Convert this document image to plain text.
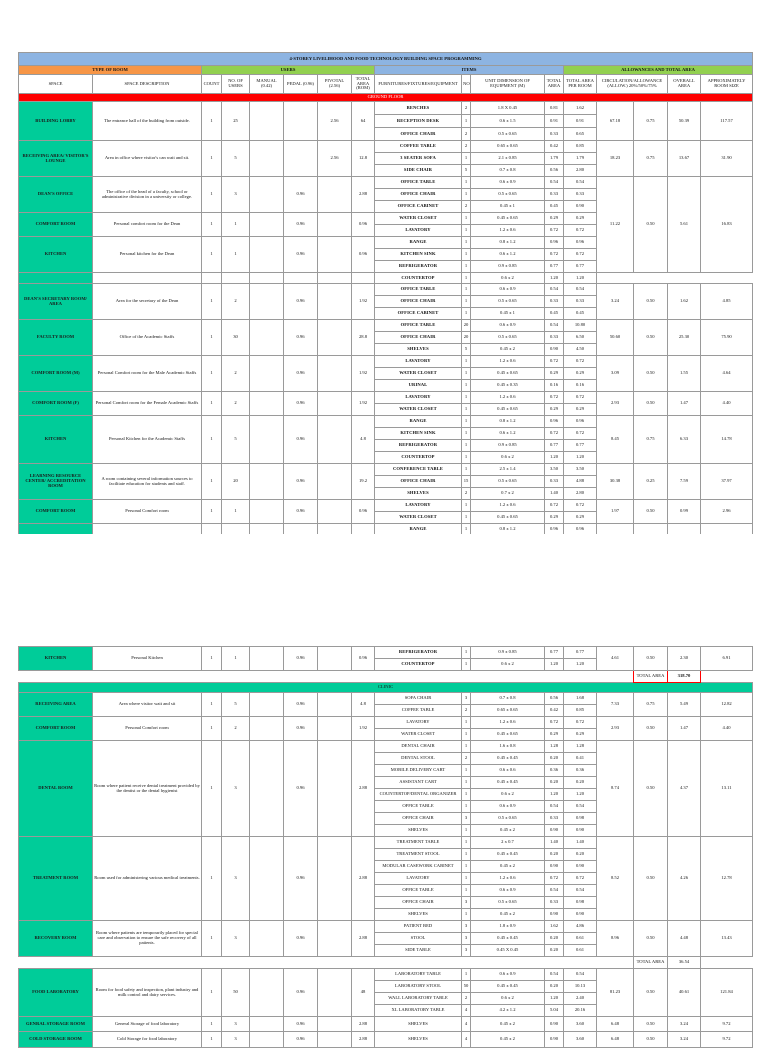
4-STOREY LIVELIHOOD AND FOOD TECHNOLOGY BUILDING SPACE PROGRAMMING																	
TYPE OF ROOM		USERS						ITEMS				ALLOWANCES AND TOTAL AREA					
SPACE	SPACE DESCRIPTION	COUNT	NO. OF USERS	MANUAL (0.42)	PEDAL (0.96)	PIVOTAL (2.56)	TOTAL AREA (ROM)	FURNITURES/FIXTURES/EQUIPMENT	NO	UNIT DIMENSION OF EQUIPMENT (M)	TOTAL AREA	TOTAL AREA PER ROOM	CIRCULATION/ALLOWANCE (ALLOW.) 20%/50%/75%		OVERALL AREA	APPROXIMATELY ROOM SIZE	
GROUND FLOOR																	
BUILDING LOBBY	The entrance hall of the building from outside.	1	25			2.56	64	BENCHES	2	1.8 X 0.45	0.81	1.62	67.18	0.75	50.39	117.57	
								RECEPTION DESK	1	0.6 x 1.5	0.91	0.91					
								OFFICE CHAIR	2	0.5 x 0.65	0.33	0.65					
RECEIVING AREA/ VISITOR'S LOUNGE	Area in office where visitor's can wait and sit.	1	5			2.56	12.8	COFFEE TABLE	2	0.65 x 0.65	0.42	0.85	18.23	0.75	13.67	31.90	
								3 SEATER SOFA	1	2.1 x 0.85	1.79	1.79					
								SIDE CHAIR	5	0.7 x 0.8	0.56	2.80					
DEAN'S OFFICE	The office of the head of a faculty, school or administrative division in a university or college.	1	3		0.96		2.88	OFFICE TABLE	1	0.6 x 0.9	0.54	0.54	11.22	0.50	5.61	16.83	
								OFFICE CHAIR	1	0.5 x 0.65	0.33	0.33					
								OFFICE CABINET	2	0.45 x 1	0.45	0.90					
COMFORT ROOM	Personal comfort room for the Dean	1	1		0.96		0.96	WATER CLOSET	1	0.45 x 0.65	0.29	0.29					
								LAVATORY	1	1.2 x 0.6	0.72	0.72					
KITCHEN	Personal kitchen for the Dean	1	1		0.96		0.96	RANGE	1	0.8 x 1.2	0.96	0.96					
								KITCHEN SINK	1	0.6 x 1.2	0.72	0.72					
								REFRIGERATOR	1	0.9 x 0.85	0.77	0.77					
								COUNTERTOP	1	0.6 x 2	1.20	1.20					
DEAN'S SECRETARY ROOM/ AREA	Area for the secretary of the Dean	1	2		0.96		1.92	OFFICE TABLE	1	0.6 x 0.9	0.54	0.54	3.24	0.50	1.62	4.85	
								OFFICE CHAIR	1	0.5 x 0.65	0.33	0.33					
								OFFICE CABINET	1	0.45 x 1	0.45	0.45					
FACULTY ROOM	Office of the Academic Staffs	1	30		0.96		28.8	OFFICE TABLE	20	0.6 x 0.9	0.54	10.80	50.60	0.50	25.30	75.90	
								OFFICE CHAIR	20	0.5 x 0.65	0.33	6.50					
								SHELVES	5	0.45 x 2	0.90	4.50					
COMFORT ROOM (M)	Personal Comfort room for the Male Academic Staffs	1	2		0.96		1.92	LAVATORY	1	1.2 x 0.6	0.72	0.72	3.09	0.50	1.55	4.64	
								WATER CLOSET	1	0.45 x 0.65	0.29	0.29					
								URINAL	1	0.45 x 0.35	0.16	0.16					
COMFORT ROOM (F)	Personal Comfort room for the Female Academic Staffs	1	2		0.96		1.92	LAVATORY	1	1.2 x 0.6	0.72	0.72	2.93	0.50	1.47	4.40	
								WATER CLOSET	1	0.45 x 0.65	0.29	0.29					
KITCHEN	Personal Kitchen for the Academic Staffs	1	5		0.96		4.8	RANGE	1	0.8 x 1.2	0.96	0.96	8.45	0.75	6.33	14.78	
								KITCHEN SINK	1	0.6 x 1.2	0.72	0.72					
								REFRIGERATOR	1	0.9 x 0.85	0.77	0.77					
								COUNTERTOP	1	0.6 x 2	1.20	1.20					
LEARNING RESOURCE CENTER/ ACCREDITATION ROOM	A room containing several information sources to facilitate education for students and staff.	1	20		0.96		19.2	CONFERENCE TABLE	1	2.5 x 1.4	3.50	3.50	30.38	0.25	7.59	37.97	
								OFFICE CHAIR	15	0.5 x 0.65	0.33	4.88					
								SHELVES	2	0.7 x 2	1.40	2.80					
COMFORT ROOM	Personal Comfort room	1	1		0.96		0.96	LAVATORY	1	1.2 x 0.6	0.72	0.72	1.97	0.50	0.99	2.96	
								WATER CLOSET	1	0.45 x 0.65	0.29	0.29					
								RANGE	1	0.8 x 1.2	0.96	0.96					

KITCHEN	Personal Kitchen	1	1		0.96		0.96	REFRIGERATOR	1	0.9 x 0.85	0.77	0.77	4.61	0.50	2.30	6.91	
								COUNTERTOP	1	0.6 x 2	1.20	1.20					
														TOTAL AREA	318.70		
CLINIC																	
RECEIVING AREA	Area where visitor wait and sit	1	5		0.96		4.8	SOFA CHAIR	3	0.7 x 0.8	0.56	1.68	7.33	0.75	5.49	12.82	
								COFFEE TABLE	2	0.65 x 0.65	0.42	0.85					
COMFORT ROOM	Personal Comfort room	1	2		0.96		1.92	LAVATORY	1	1.2 x 0.6	0.72	0.72	2.93	0.50	1.47	4.40	
								WATER CLOSET	1	0.45 x 0.65	0.29	0.29					
DENTAL ROOM	Room where patient receive dental treatment provided by the dentist or the dental hygienist	1	3		0.96		2.88	DENTAL CHAIR	1	1.6 x 0.8	1.28	1.28	8.74	0.50	4.37	13.11	
								DENTAL STOOL	2	0.45 x 0.45	0.20	0.41					
								MOBILE DELIVERY CART	1	0.6 x 0.6	0.36	0.36					
								ASSISTANT CART	1	0.45 x 0.45	0.20	0.20					
								COUNTERTOP/DENTAL ORGANIZER	1	0.6 x 2	1.20	1.20					
								OFFICE TABLE	1	0.6 x 0.9	0.54	0.54					
								OFFICE CHAIR	3	0.5 x 0.65	0.33	0.98					
								SHELVES	1	0.45 x 2	0.90	0.90					
TREATMENT ROOM	Room used for administering various medical treatments.	1	3		0.96		2.88	TREATMENT TABLE	1	2 x 0.7	1.40	1.40	8.52	0.50	4.26	12.78	
								TREATMENT STOOL	1	0.45 x 0.45	0.20	0.20					
								MODULAR CASEWORK CABINET	1	0.45 x 2	0.90	0.90					
								LAVATORY	1	1.2 x 0.6	0.72	0.72					
								OFFICE TABLE	1	0.6 x 0.9	0.54	0.54					
								OFFICE CHAIR	3	0.5 x 0.65	0.33	0.98					
								SHELVES	1	0.45 x 2	0.90	0.90					
RECOVERY ROOM	Room where patients are temporarily placed for special care and observation to ensure the safe recovery of all patients.	1	3		0.96		2.88	PATIENT BED	3	1.8 x 0.9	1.62	4.86	8.96	0.50	4.48	13.43	
								STOOL	3	0.45 x 0.45	0.20	0.61					
								SIDE TABLE	3	0.45 X 0.45	0.20	0.61					
														TOTAL AREA	36.54		
FOOD LABORATORY	Room for food safety and inspection, plant industry and milk control and dairy services.	1	50		0.96		48	LABORATORY TABLE	1	0.6 x 0.9	0.54	0.54	81.23	0.50	40.61	121.84	
								LABORATORY STOOL	50	0.45 x 0.45	0.20	10.13					
								WALL LABORATORY TABLE	2	0.6 x 2	1.20	2.40					
								XL LABORATORY TABLE	4	4.2 x 1.2	5.04	20.16					
GENRAL STORAGE ROOM	General Storage of food laboratory	1	3		0.96		2.88	SHELVES	4	0.45 x 2	0.90	3.60	6.48	0.50	3.24	9.72	
COLD STORAGE ROOM	Cold Storage for food laboratory	1	3		0.96		2.88	SHELVES	4	0.45 x 2	0.90	3.60	6.48	0.50	3.24	9.72	
